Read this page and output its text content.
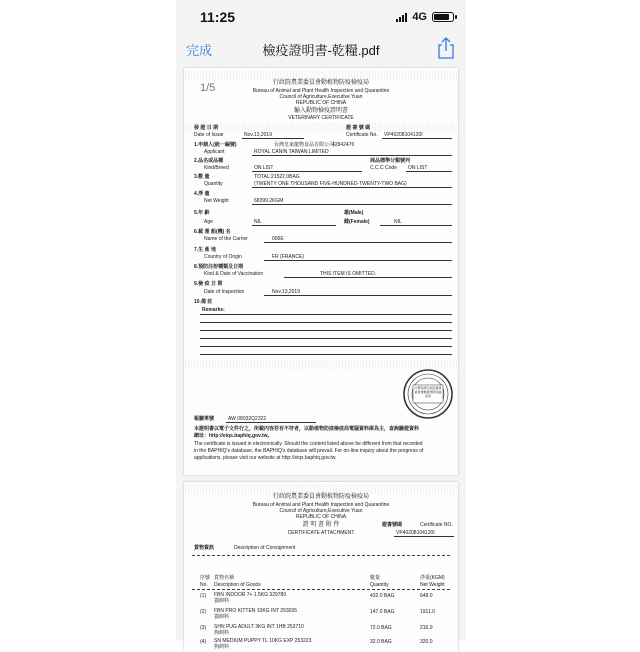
11:25	4G
完成	檢疫證明書-乾糧.pdf
1/5	行政院農業委員會動植物防疫檢疫局
Bureau of Animal and Plant Health Inspection and Quarantine
Council of Agriculture,Executive Yuan
REPUBLIC OF CHINA
輸入動物檢疫證明書
VETERINARY CERTIFICATE
發 證 日 期
Date of Issue	Nov.13,2019
證 書 號 碼
Certificate No. VP40208104120I
1.申請人(統一編號)	台灣皇家寵物食品有限公司
42842476
Applicant	ROYAL CANIN TAIWAN LIMITED
2.品名或品種	商品標準分類號列
Kind/Breed	ON LIST	C.C.C Code ON LIST
3.數 量	TOTAL:21522.0BAG
Quantity	(TWENTY ONE THOUSAND FIVE-HUNDRED-TWENTY-TWO BAG)
4.淨 量
Net Weight	68399.2KGM
5.年 齡	雄(Male)
Age	NIL	雌(Female)	NIL
6.載 運 船(機) 名
Name of the Carrier	006E
7.生 產 地
Country of Origin	FR (FRANCE)
8.預防注射種類及日期
Kind & Date of Vaccination	THIS ITEM IS OMITTED.
9.檢 疫 日 期
Date of Inspection	Nov.13,2019
10.備 註
Remarks:
中華民國行政院農業委員會動植物防疫檢疫局
報驗單號	AW 08032Q2322
本證明書以電子文件行之，所載內容若有不符者，以動植物防疫檢疫局電腦資料庫為主，查詢驗證資料
網址：http://eiqs.baphiq.gov.tw。
The certificate is issued in electronically. Should the content listed above be different from that recorded
in the BAPHIQ's database, the BAPHIQ's database will prevail. For on-line inquiry about the progress of
applications, please visit our website at http://eiqs.baphiq.gov.tw.
行政院農業委員會動植物防疫檢疫局
Bureau of Animal and Plant Health Inspection and Quarantine
Council of Agriculture,Executive Yuan
REPUBLIC OF CHINA
證 明 書 附 件
CERTIFICATE ATTACHMENT
證書號碼	Certificate NO.
VP40208104120I
貨物資訊	Description of Consignment
序號 貨物名稱	數量	淨重(KGM)
No. Description of Goods	Quantity	Net Weight
(1) FBN INDOOR 7+ 1.5KG 329780
貓飼料
432.0 BAG	648.0
(2) FBN PRO KITTEN 10KG INT 253035
貓飼料
147.0 BAG	1911.0
(3) SHN PUG ADULT 3KG INT 1HB 253710
狗飼料
72.0 BAG	216.0
(4) SN MEDIUM PUPPY TL 10KG EXP 253223
狗飼料
32.0 BAG	320.0
